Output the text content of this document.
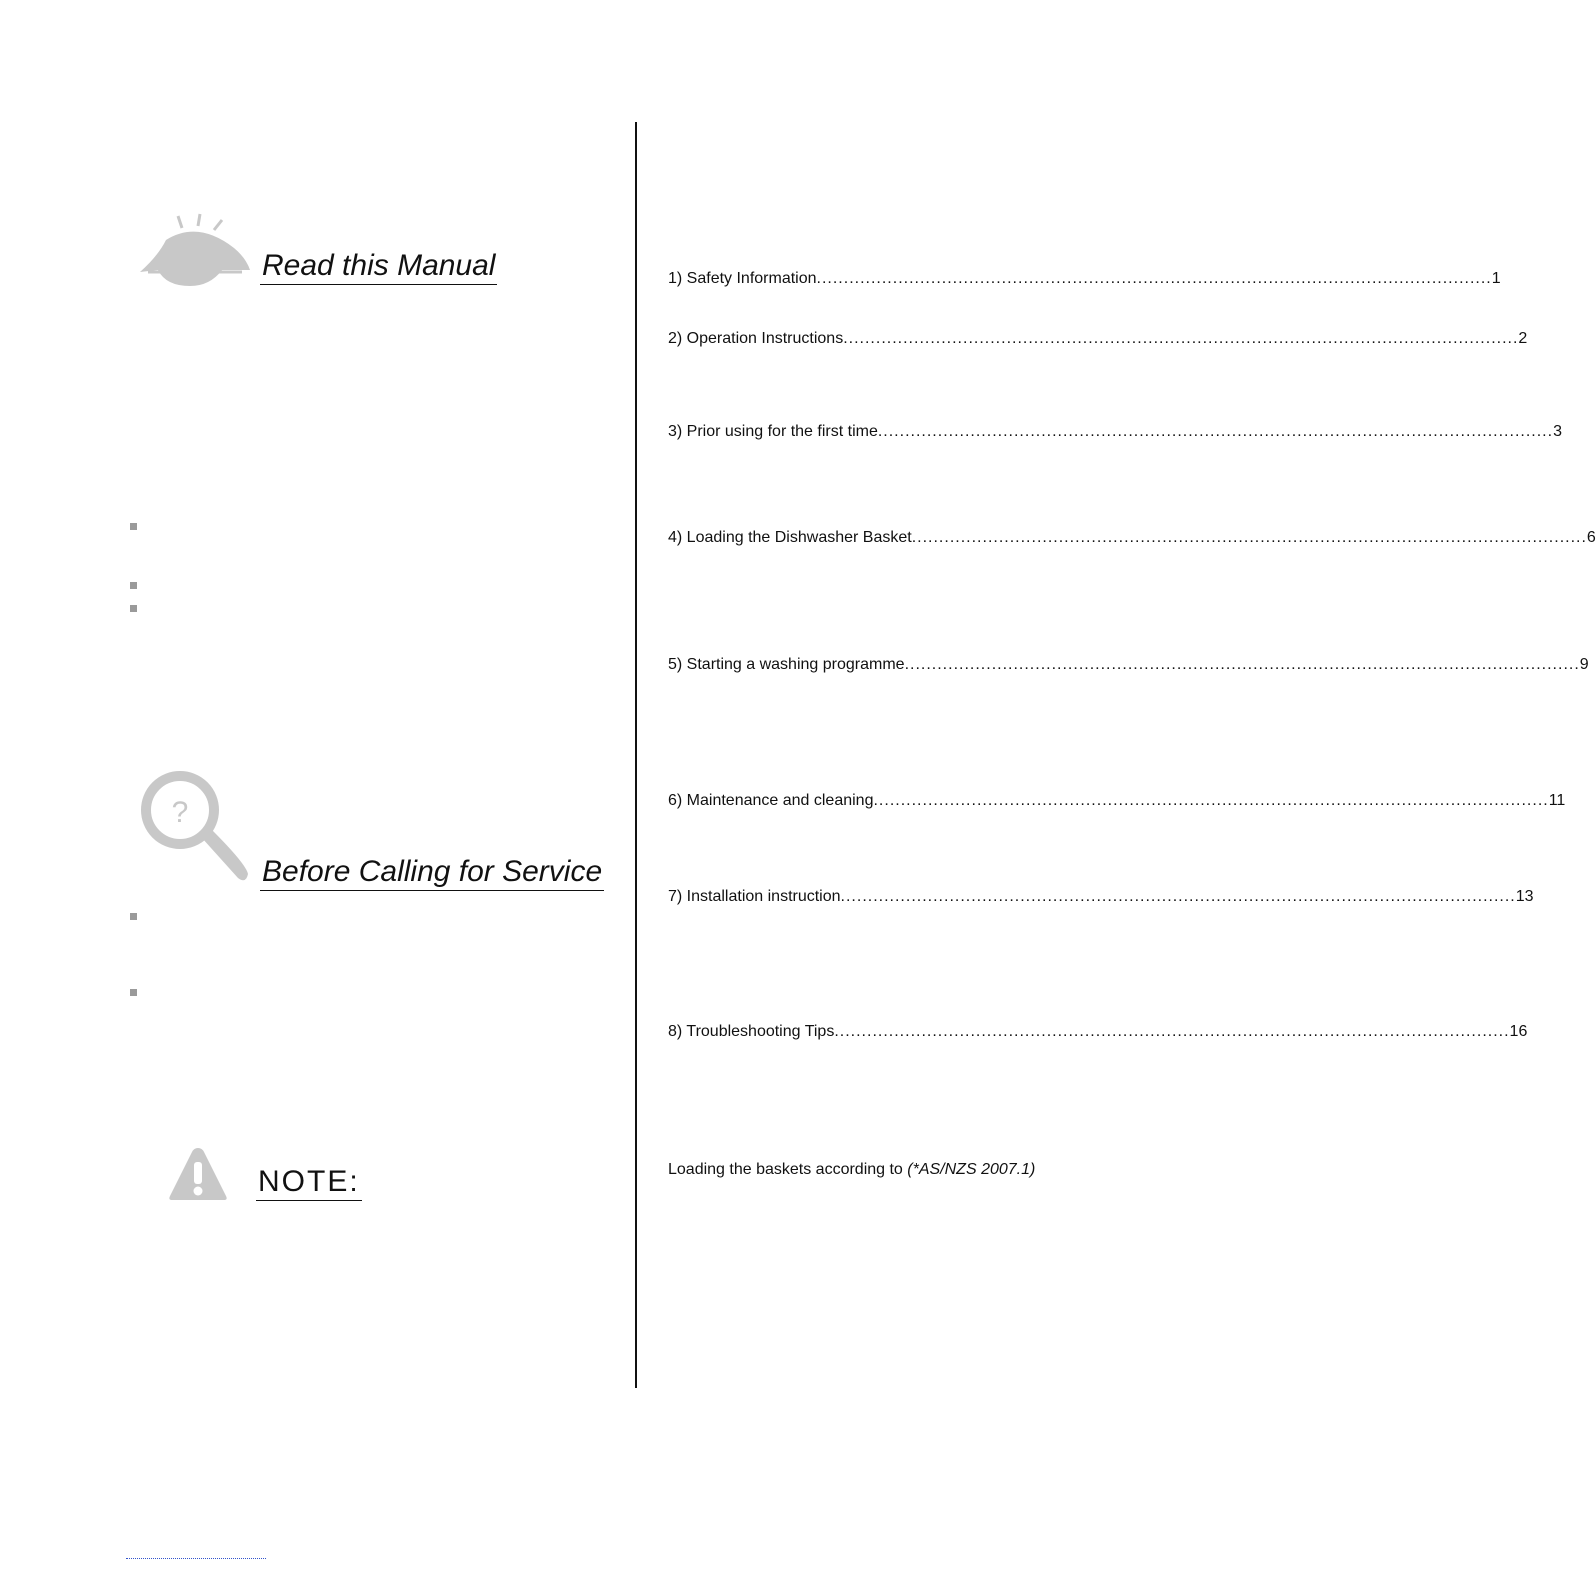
Read this Manual
?
Before Calling for Service
NOTE:
1) Safety Information ............................................................................................................................ 1
2) Operation Instructions ............................................................................................................................ 2
3) Prior using for the first time ............................................................................................................................ 3
4) Loading the Dishwasher Basket ............................................................................................................................ 6
5) Starting a washing programme ............................................................................................................................ 9
6) Maintenance and cleaning ............................................................................................................................ 11
7) Installation instruction ............................................................................................................................ 13
8) Troubleshooting Tips ............................................................................................................................ 16
Loading the baskets according to (*AS/NZS 2007.1)
